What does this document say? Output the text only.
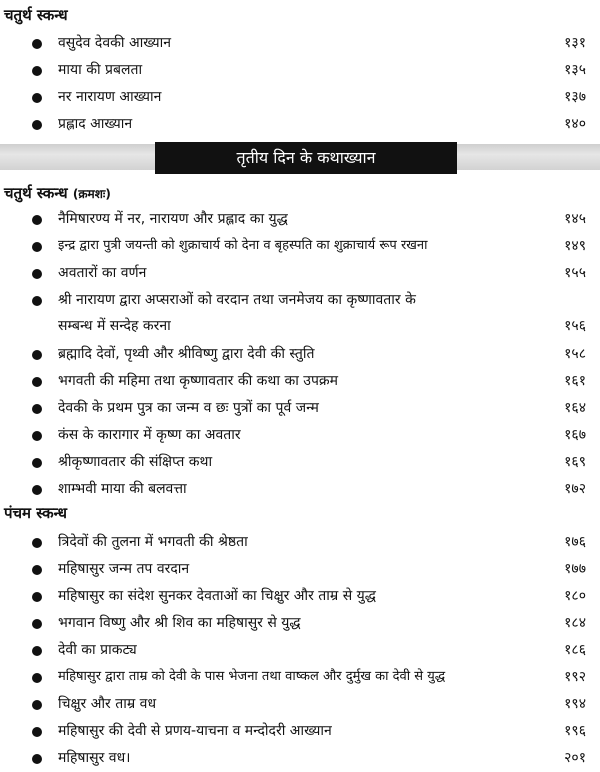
चतुर्थ स्कन्ध
वसुदेव देवकी आख्यान	१३१
माया की प्रबलता	१३५
नर नारायण आख्यान	१३७
प्रह्लाद आख्यान	१४०
तृतीय दिन के कथाख्यान
चतुर्थ स्कन्ध (क्रमशः)
नैमिषारण्य में नर, नारायण और प्रह्लाद का युद्ध	१४५
इन्द्र द्वारा पुत्री जयन्ती को शुक्राचार्य को देना व बृहस्पति का शुक्राचार्य रूप रखना	१४९
अवतारों का वर्णन	१५५
श्री नारायण द्वारा अप्सराओं को वरदान तथा जनमेजय का कृष्णावतार के
सम्बन्ध में सन्देह करना	१५६
ब्रह्मादि देवों, पृथ्वी और श्रीविष्णु द्वारा देवी की स्तुति	१५८
भगवती की महिमा तथा कृष्णावतार की कथा का उपक्रम	१६१
देवकी के प्रथम पुत्र का जन्म व छः पुत्रों का पूर्व जन्म	१६४
कंस के कारागार में कृष्ण का अवतार	१६७
श्रीकृष्णावतार की संक्षिप्त कथा	१६९
शाम्भवी माया की बलवत्ता	१७२
पंचम स्कन्ध
त्रिदेवों की तुलना में भगवती की श्रेष्ठता	१७६
महिषासुर जन्म तप वरदान	१७७
महिषासुर का संदेश सुनकर देवताओं का चिक्षुर और ताम्र से युद्ध	१८०
भगवान विष्णु और श्री शिव का महिषासुर से युद्ध	१८४
देवी का प्राकट्य	१८६
महिषासुर द्वारा ताम्र को देवी के पास भेजना तथा वाष्कल और दुर्मुख का देवी से युद्ध	१९२
चिक्षुर और ताम्र वध	१९४
महिषासुर की देवी से प्रणय-याचना व मन्दोदरी आख्यान	१९६
महिषासुर वध।	२०१
